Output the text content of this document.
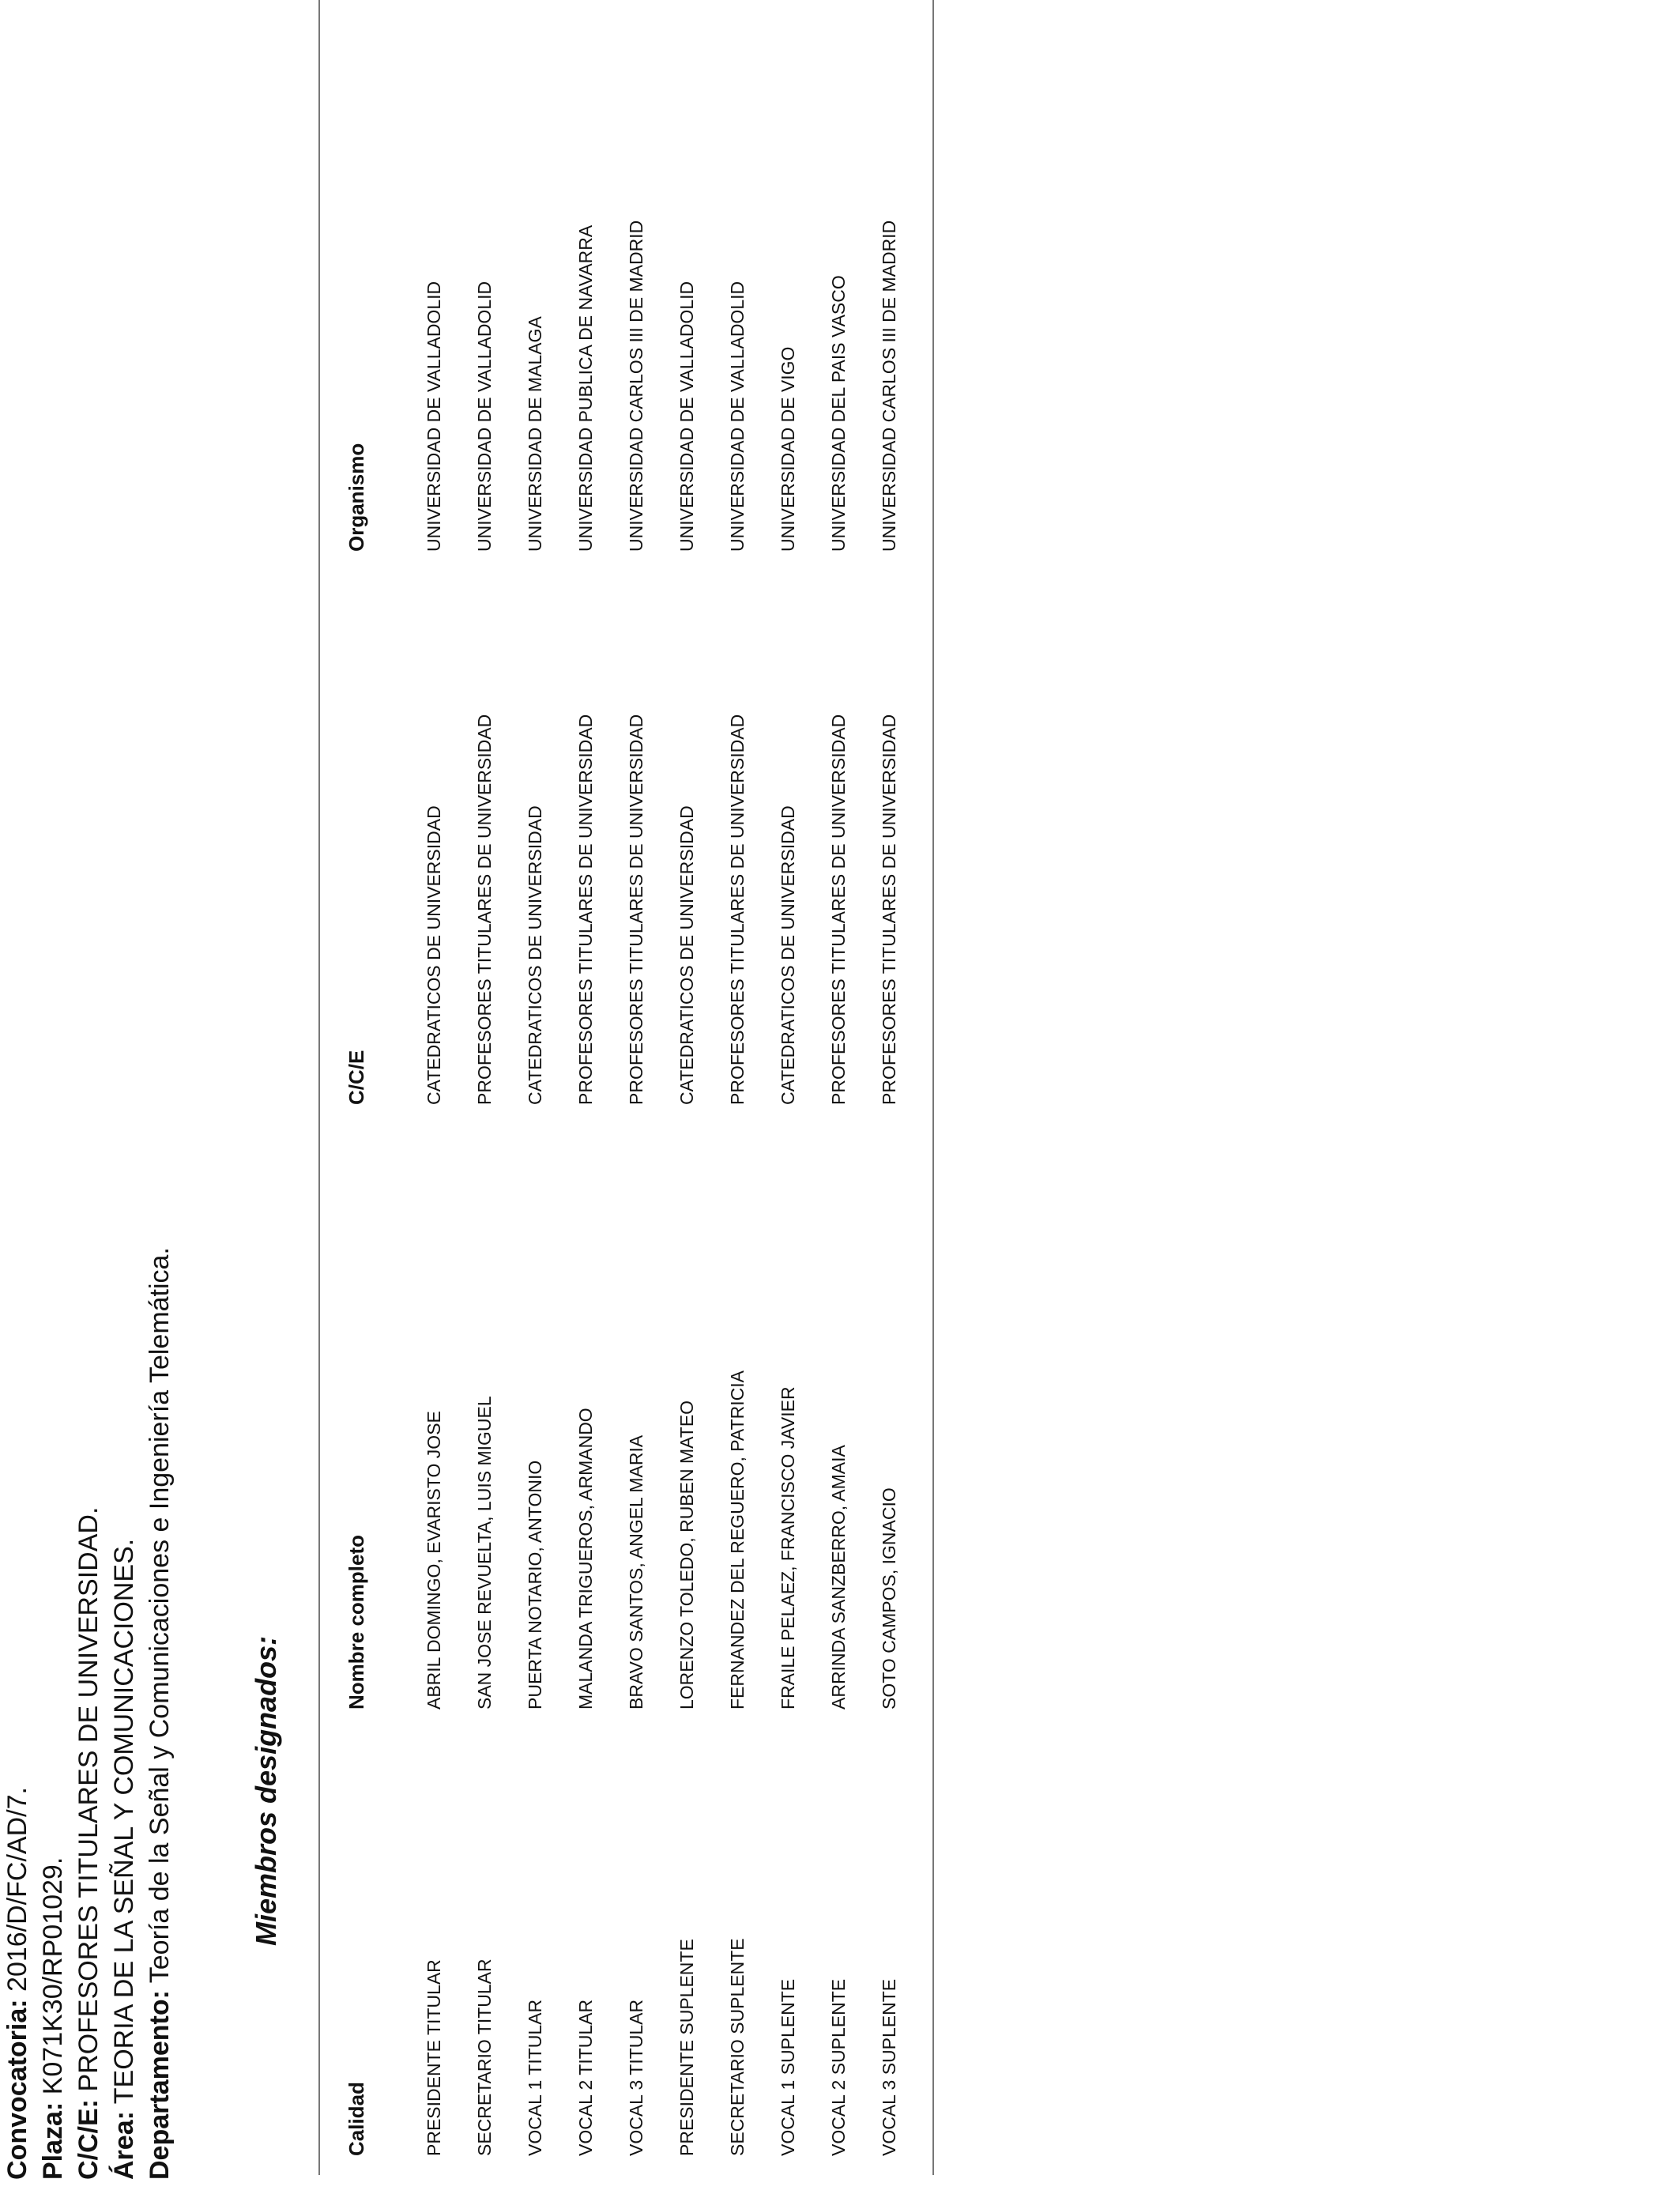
Convocatoria: 2016/D/FC/AD/7.
Plaza: K071K30/RP01029.
C/C/E: PROFESORES TITULARES DE UNIVERSIDAD.
Área: TEORIA DE LA SEÑAL Y COMUNICACIONES. Departamento: Teoría de la Señal y Comunicaciones e Ingeniería Telemática.	Miembros designados:
Calidad	Nombre completo	C/C/E	Organismo
PRESIDENTE TITULAR	ABRIL DOMINGO, EVARISTO JOSE	CATEDRATICOS DE UNIVERSIDAD	UNIVERSIDAD DE VALLADOLID
SECRETARIO TITULAR	SAN JOSE REVUELTA, LUIS MIGUEL	PROFESORES TITULARES DE UNIVERSIDAD	UNIVERSIDAD DE VALLADOLID
VOCAL 1 TITULAR	PUERTA NOTARIO, ANTONIO	CATEDRATICOS DE UNIVERSIDAD	UNIVERSIDAD DE MALAGA
VOCAL 2 TITULAR	MALANDA TRIGUEROS, ARMANDO	PROFESORES TITULARES DE UNIVERSIDAD	UNIVERSIDAD PUBLICA DE NAVARRA
VOCAL 3 TITULAR	BRAVO SANTOS, ANGEL MARIA	PROFESORES TITULARES DE UNIVERSIDAD	UNIVERSIDAD CARLOS III DE MADRID
PRESIDENTE SUPLENTE	LORENZO TOLEDO, RUBEN MATEO	CATEDRATICOS DE UNIVERSIDAD	UNIVERSIDAD DE VALLADOLID
SECRETARIO SUPLENTE	FERNANDEZ DEL REGUERO, PATRICIA	PROFESORES TITULARES DE UNIVERSIDAD	UNIVERSIDAD DE VALLADOLID
VOCAL 1 SUPLENTE	FRAILE PELAEZ, FRANCISCO JAVIER	CATEDRATICOS DE UNIVERSIDAD	UNIVERSIDAD DE VIGO
VOCAL 2 SUPLENTE	ARRINDA SANZBERRO, AMAIA	PROFESORES TITULARES DE UNIVERSIDAD	UNIVERSIDAD DEL PAIS VASCO
VOCAL 3 SUPLENTE	SOTO CAMPOS, IGNACIO	PROFESORES TITULARES DE UNIVERSIDAD	UNIVERSIDAD CARLOS III DE MADRID
